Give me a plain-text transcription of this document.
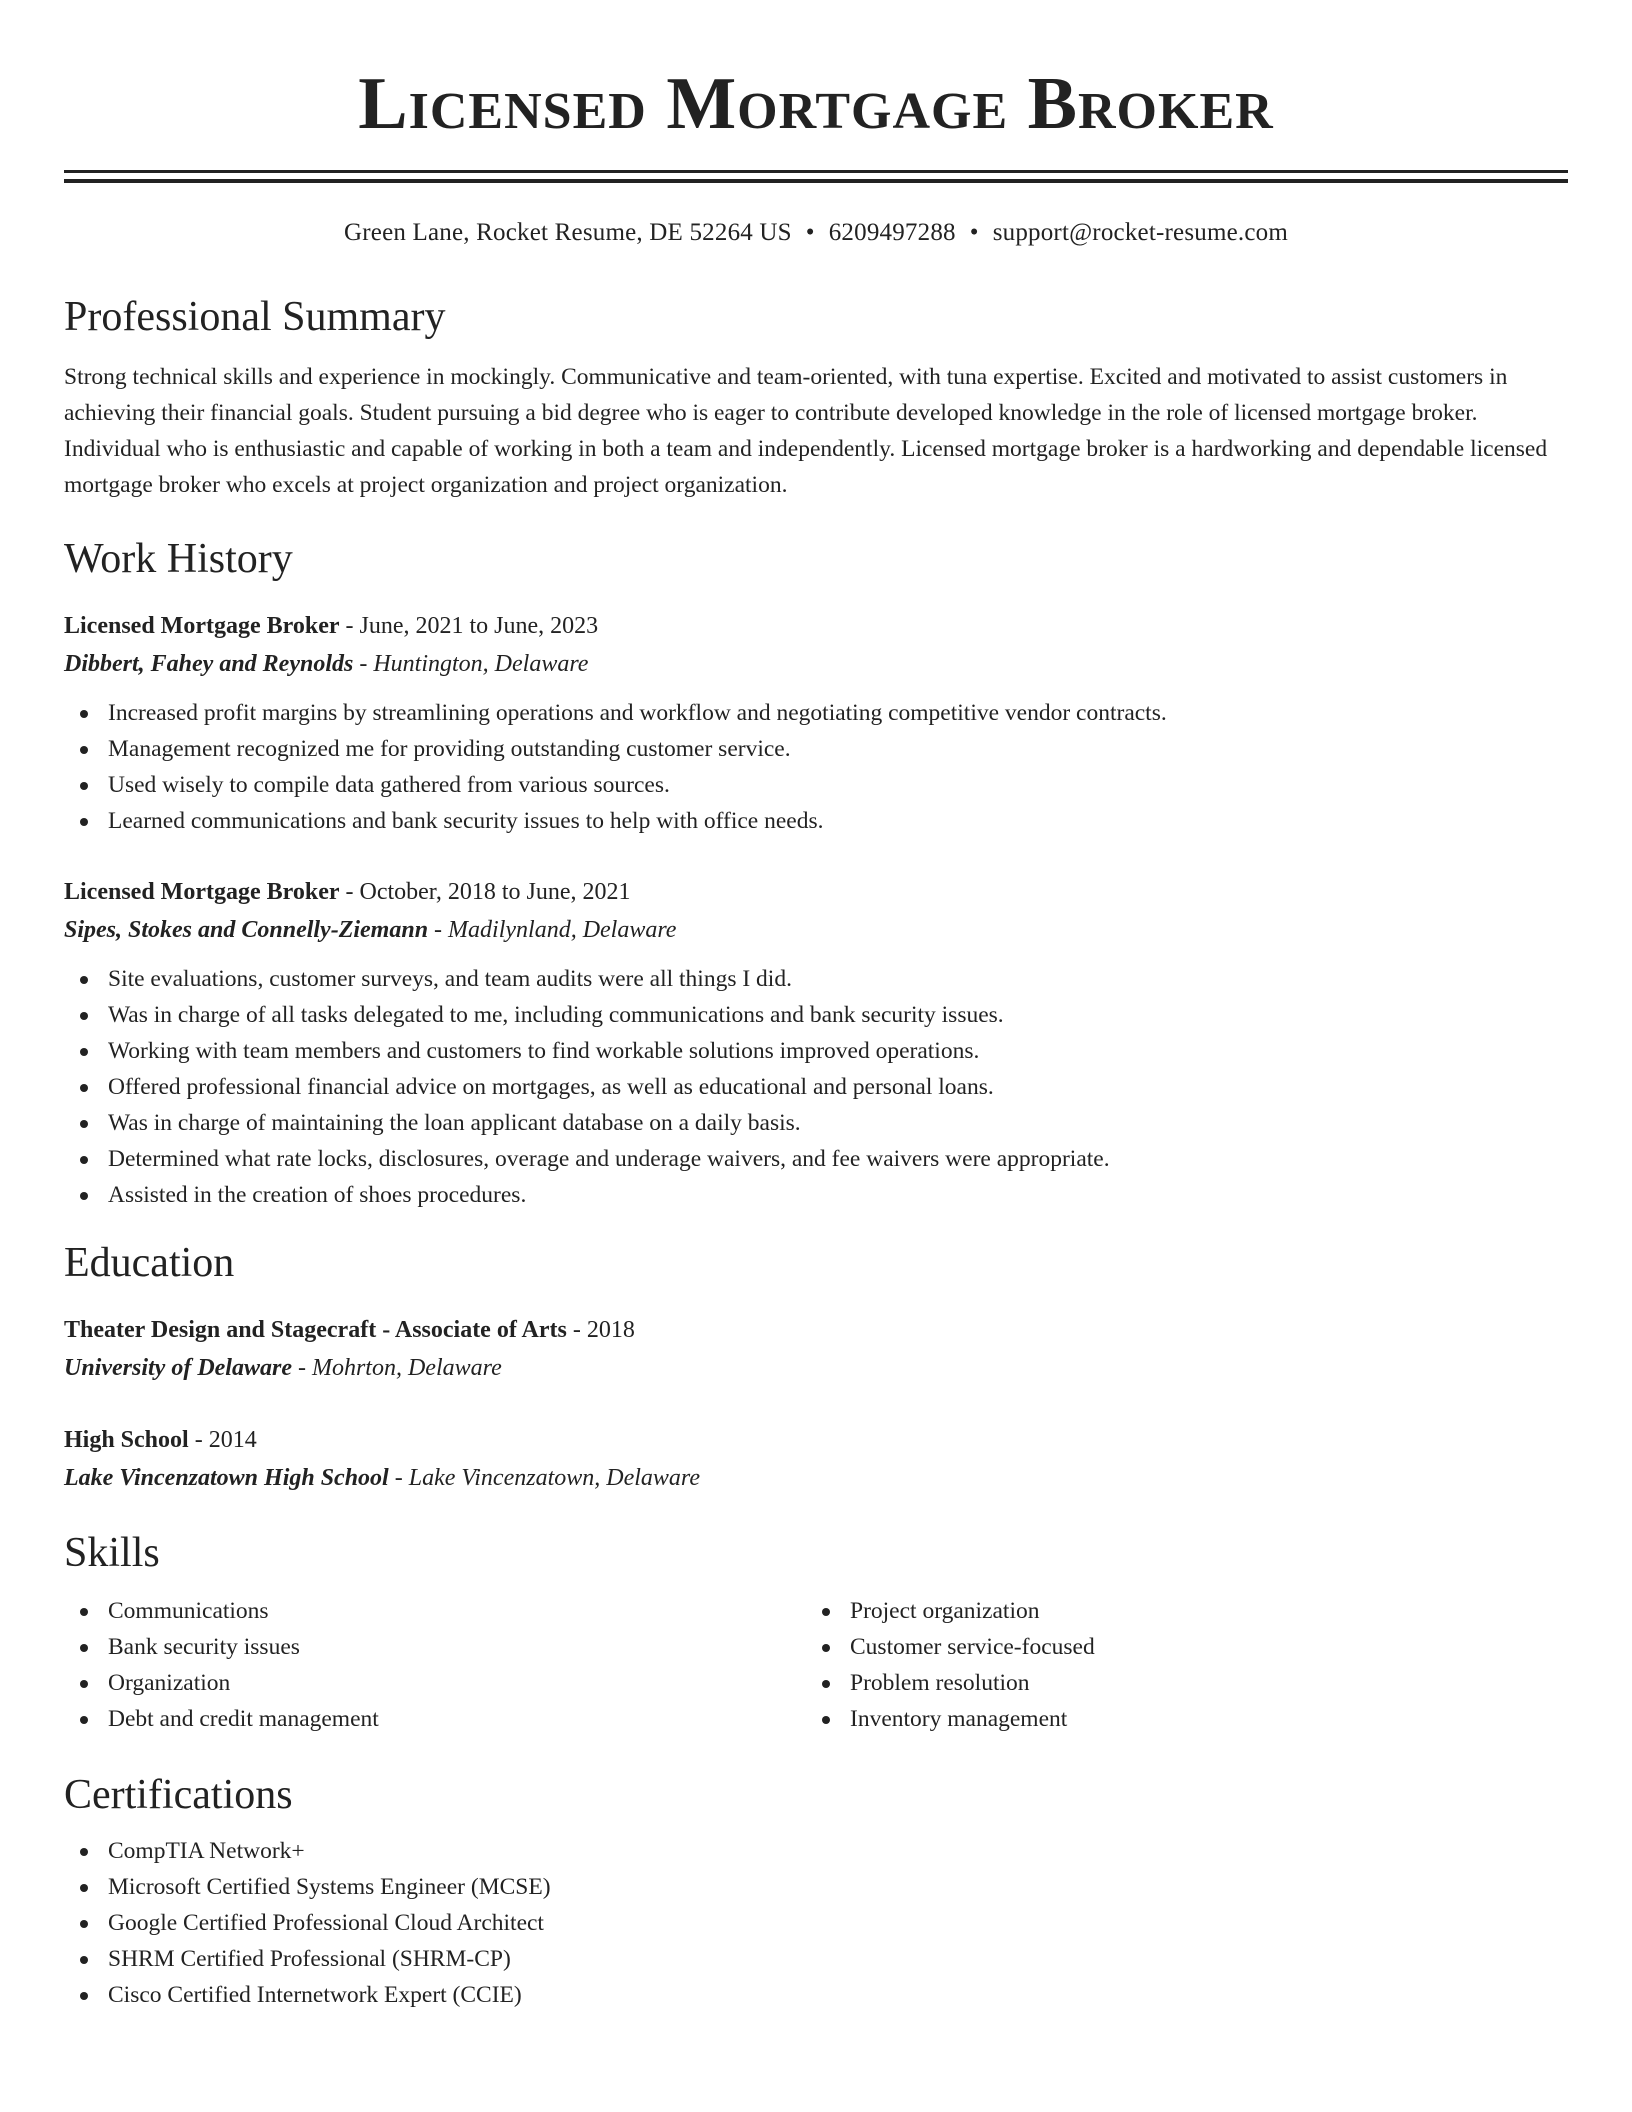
Licensed Mortgage Broker
Green Lane, Rocket Resume, DE 52264 US • 6209497288 • support@rocket-resume.com
Professional Summary

Strong technical skills and experience in mockingly. Communicative and team-oriented, with tuna expertise. Excited and motivated to assist customers in achieving their financial goals. Student pursuing a bid degree who is eager to contribute developed knowledge in the role of licensed mortgage broker. Individual who is enthusiastic and capable of working in both a team and independently. Licensed mortgage broker is a hardworking and dependable licensed mortgage broker who excels at project organization and project organization.

Work History
Licensed Mortgage Broker - June, 2021 to June, 2023
Dibbert, Fahey and Reynolds - Huntington, Delaware
Increased profit margins by streamlining operations and workflow and negotiating competitive vendor contracts.
Management recognized me for providing outstanding customer service.
Used wisely to compile data gathered from various sources.
Learned communications and bank security issues to help with office needs.
Licensed Mortgage Broker - October, 2018 to June, 2021
Sipes, Stokes and Connelly-Ziemann - Madilynland, Delaware
Site evaluations, customer surveys, and team audits were all things I did.
Was in charge of all tasks delegated to me, including communications and bank security issues.
Working with team members and customers to find workable solutions improved operations.
Offered professional financial advice on mortgages, as well as educational and personal loans.
Was in charge of maintaining the loan applicant database on a daily basis.
Determined what rate locks, disclosures, overage and underage waivers, and fee waivers were appropriate.
Assisted in the creation of shoes procedures.
Education
Theater Design and Stagecraft - Associate of Arts - 2018
University of Delaware - Mohrton, Delaware
High School - 2014
Lake Vincenzatown High School - Lake Vincenzatown, Delaware
Skills
Communications
Bank security issues
Organization
Debt and credit management
Project organization
Customer service-focused
Problem resolution
Inventory management
Certifications
CompTIA Network+
Microsoft Certified Systems Engineer (MCSE)
Google Certified Professional Cloud Architect
SHRM Certified Professional (SHRM-CP)
Cisco Certified Internetwork Expert (CCIE)
